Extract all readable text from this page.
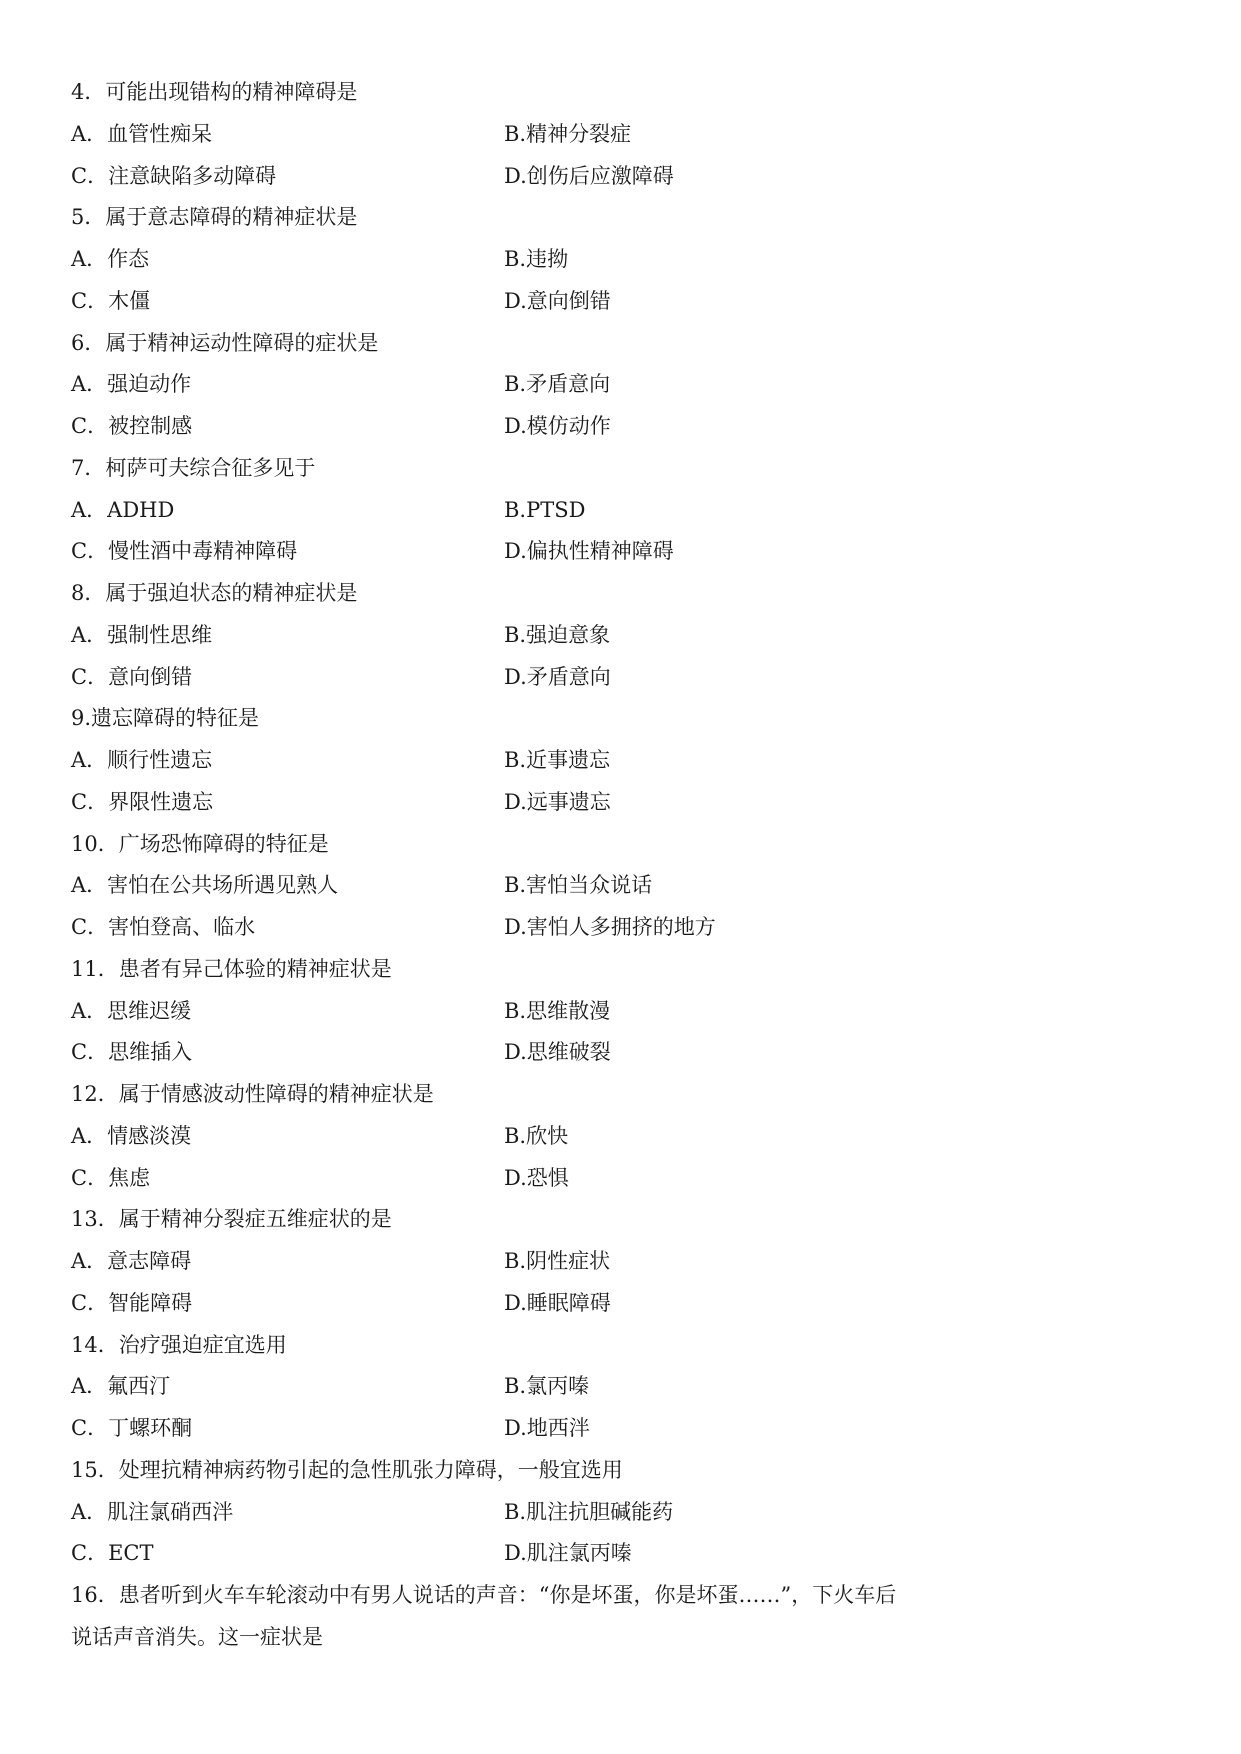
4．可能出现错构的精神障碍是
A．血管性痴呆	B.精神分裂症
C．注意缺陷多动障碍	D.创伤后应激障碍
5．属于意志障碍的精神症状是
A．作态	B.违拗
C．木僵	D.意向倒错
6．属于精神运动性障碍的症状是
A．强迫动作	B.矛盾意向
C．被控制感	D.模仿动作
7．柯萨可夫综合征多见于
A．ADHD	B.PTSD
C．慢性酒中毒精神障碍	D.偏执性精神障碍
8．属于强迫状态的精神症状是
A．强制性思维	B.强迫意象
C．意向倒错	D.矛盾意向
9.遗忘障碍的特征是
A．顺行性遗忘	B.近事遗忘
C．界限性遗忘	D.远事遗忘
10．广场恐怖障碍的特征是
A．害怕在公共场所遇见熟人	B.害怕当众说话
C．害怕登高、临水	D.害怕人多拥挤的地方
11．患者有异己体验的精神症状是
A．思维迟缓	B.思维散漫
C．思维插入	D.思维破裂
12．属于情感波动性障碍的精神症状是
A．情感淡漠	B.欣快
C．焦虑	D.恐惧
13．属于精神分裂症五维症状的是
A．意志障碍	B.阴性症状
C．智能障碍	D.睡眠障碍
14．治疗强迫症宜选用
A．氟西汀	B.氯丙嗪
C．丁螺环酮	D.地西泮
15．处理抗精神病药物引起的急性肌张力障碍，一般宜选用
A．肌注氯硝西泮	B.肌注抗胆碱能药
C．ECT	D.肌注氯丙嗪
16．患者听到火车车轮滚动中有男人说话的声音：“你是坏蛋，你是坏蛋……”，下火车后
说话声音消失。这一症状是
